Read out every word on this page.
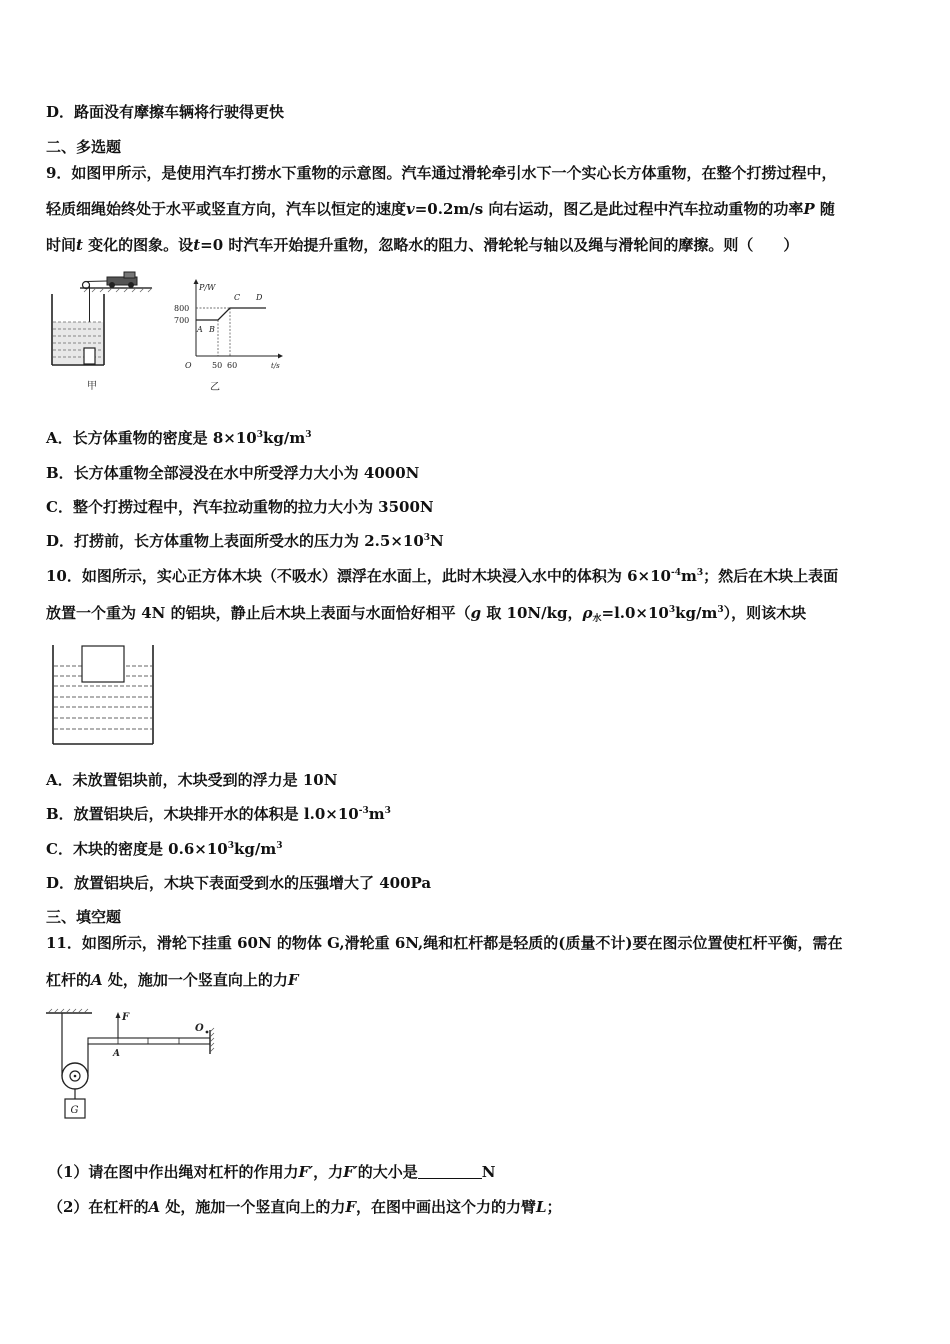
D．路面没有摩擦车辆将行驶得更快
二、多选题
9．如图甲所示，是使用汽车打捞水下重物的示意图。汽车通过滑轮牵引水下一个实心长方体重物，在整个打捞过程中，
轻质细绳始终处于水平或竖直方向，汽车以恒定的速度v=0.2m/s 向右运动，图乙是此过程中汽车拉动重物的功率P 随
时间t 变化的图象。设t=0 时汽车开始提升重物，忽略水的阻力、滑轮轮与轴以及绳与滑轮间的摩擦。则（　　）
甲
P/W
t/s
O
800
700
50 60
A B
C D
乙
A．长方体重物的密度是 $8\times 10^3kg/m^3$
B．长方体重物全部浸没在水中所受浮力大小为 4000N
C．整个打捞过程中，汽车拉动重物的拉力大小为 3500N
D．打捞前，长方体重物上表面所受水的压力为 $2.5\times 10^3N$
10．如图所示，实心正方体木块（不吸水）漂浮在水面上，此时木块浸入水中的体积为 $6\times 10^{-4}m^3$；然后在木块上表面
放置一个重为 4N 的铝块，静止后木块上表面与水面恰好相平（g 取 10N/kg，$\rho_水=l.0\times 10^3kg/m^3$），则该木块
A．未放置铝块前，木块受到的浮力是 10N
B．放置铝块后，木块排开水的体积是 $l.0\times 10^{-3}m^3$
C．木块的密度是 $0.6\times 10^3kg/m^3$
D．放置铝块后，木块下表面受到水的压强增大了 400Pa
三、填空题
11．如图所示，滑轮下挂重 60N 的物体 G,滑轮重 6N,绳和杠杆都是轻质的(质量不计)要在图示位置使杠杆平衡，需在
杠杆的A 处，施加一个竖直向上的力F
G
O
F
A
（1）请在图中作出绳对杠杆的作用力F′，力F′的大小是	N
（2）在杠杆的A 处，施加一个竖直向上的力F，在图中画出这个力的力臂L；
